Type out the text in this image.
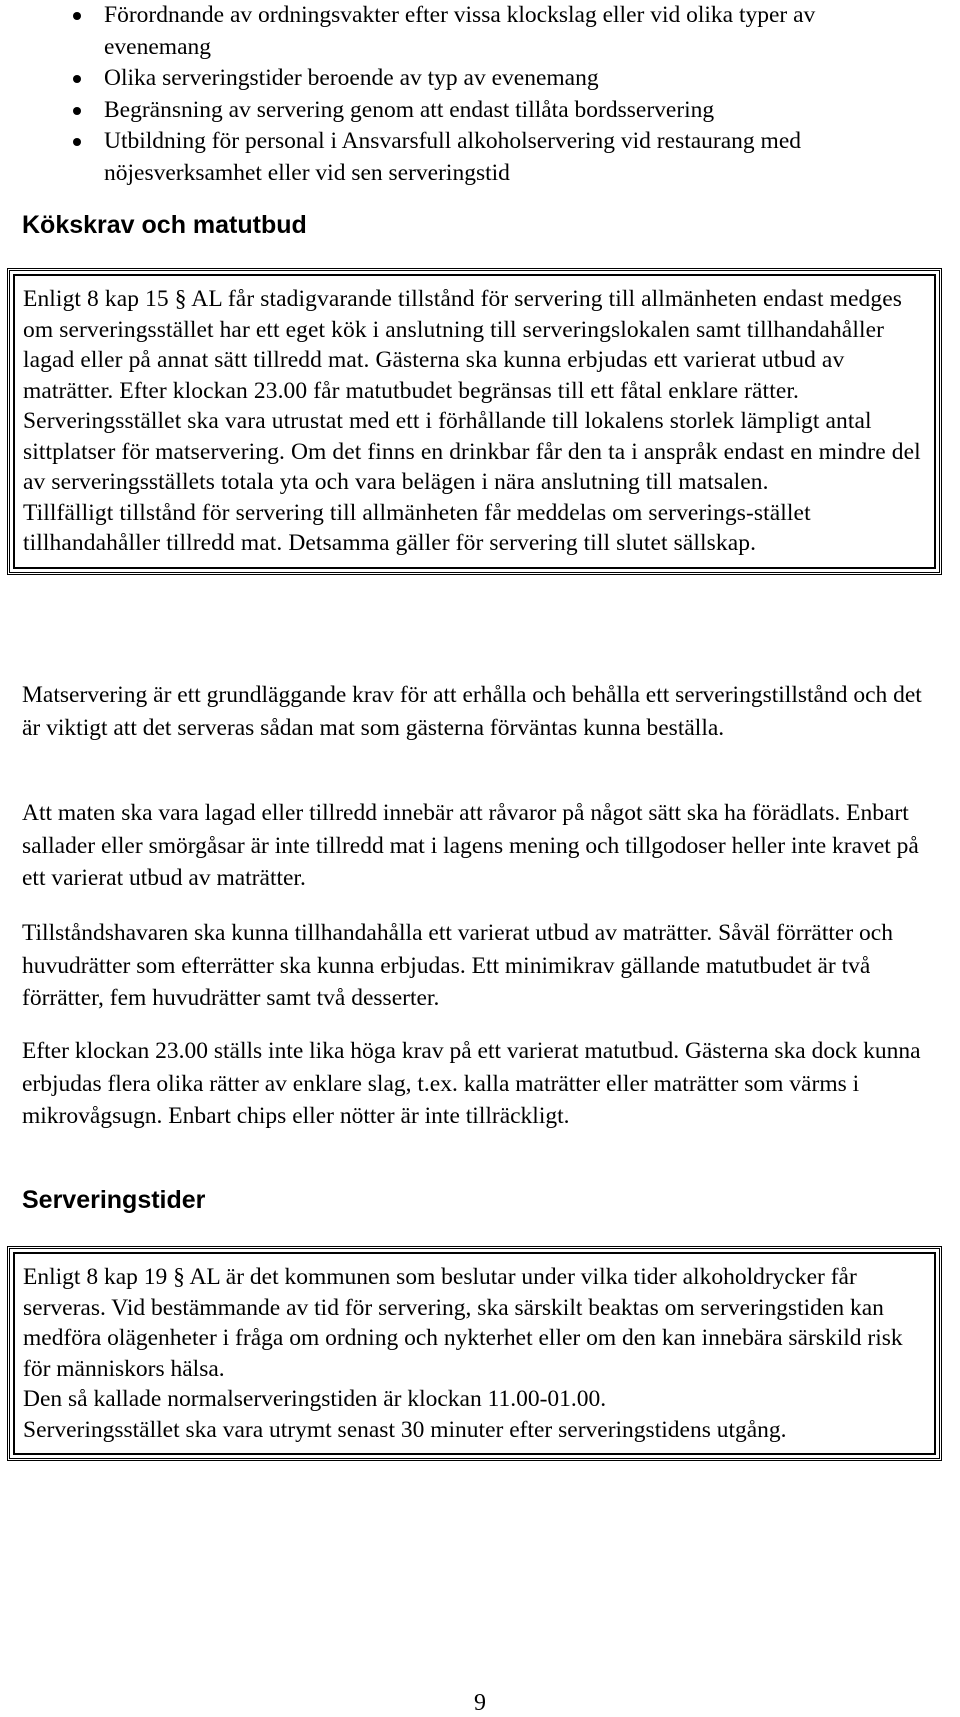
Förordnande av ordningsvakter efter vissa klockslag eller vid olika typer av evenemang
Olika serveringstider beroende av typ av evenemang
Begränsning av servering genom att endast tillåta bordsservering
Utbildning för personal i Ansvarsfull alkoholservering vid restaurang med nöjesverksamhet eller vid sen serveringstid
Kökskrav och matutbud

Enligt 8 kap 15 § AL får stadigvarande tillstånd för servering till allmänheten endast medges om serveringsstället har ett eget kök i anslutning till serveringslokalen samt tillhandahåller lagad eller på annat sätt tillredd mat. Gästerna ska kunna erbjudas ett varierat utbud av maträtter. Efter klockan 23.00 får matutbudet begränsas till ett fåtal enklare rätter.

Serveringsstället ska vara utrustat med ett i förhållande till lokalens storlek lämpligt antal sittplatser för matservering. Om det finns en drinkbar får den ta i anspråk endast en mindre del av serveringsställets totala yta och vara belägen i nära anslutning till matsalen.

Tillfälligt tillstånd för servering till allmänheten får meddelas om serverings-stället tillhandahåller tillredd mat. Detsamma gäller för servering till slutet sällskap.

Matservering är ett grundläggande krav för att erhålla och behålla ett serveringstillstånd och det är viktigt att det serveras sådan mat som gästerna förväntas kunna beställa.

Att maten ska vara lagad eller tillredd innebär att råvaror på något sätt ska ha förädlats. Enbart sallader eller smörgåsar är inte tillredd mat i lagens mening och tillgodoser heller inte kravet på ett varierat utbud av maträtter.

Tillståndshavaren ska kunna tillhandahålla ett varierat utbud av maträtter. Såväl förrätter och huvudrätter som efterrätter ska kunna erbjudas. Ett minimikrav gällande matutbudet är två förrätter, fem huvudrätter samt två desserter.

Efter klockan 23.00 ställs inte lika höga krav på ett varierat matutbud. Gästerna ska dock kunna erbjudas flera olika rätter av enklare slag, t.ex. kalla maträtter eller maträtter som värms i mikrovågsugn. Enbart chips eller nötter är inte tillräckligt.

Serveringstider

Enligt 8 kap 19 § AL är det kommunen som beslutar under vilka tider alkoholdrycker får serveras. Vid bestämmande av tid för servering, ska särskilt beaktas om serveringstiden kan medföra olägenheter i fråga om ordning och nykterhet eller om den kan innebära särskild risk för människors hälsa.

Den så kallade normalserveringstiden är klockan 11.00-01.00.

Serveringsstället ska vara utrymt senast 30 minuter efter serveringstidens utgång.

9
